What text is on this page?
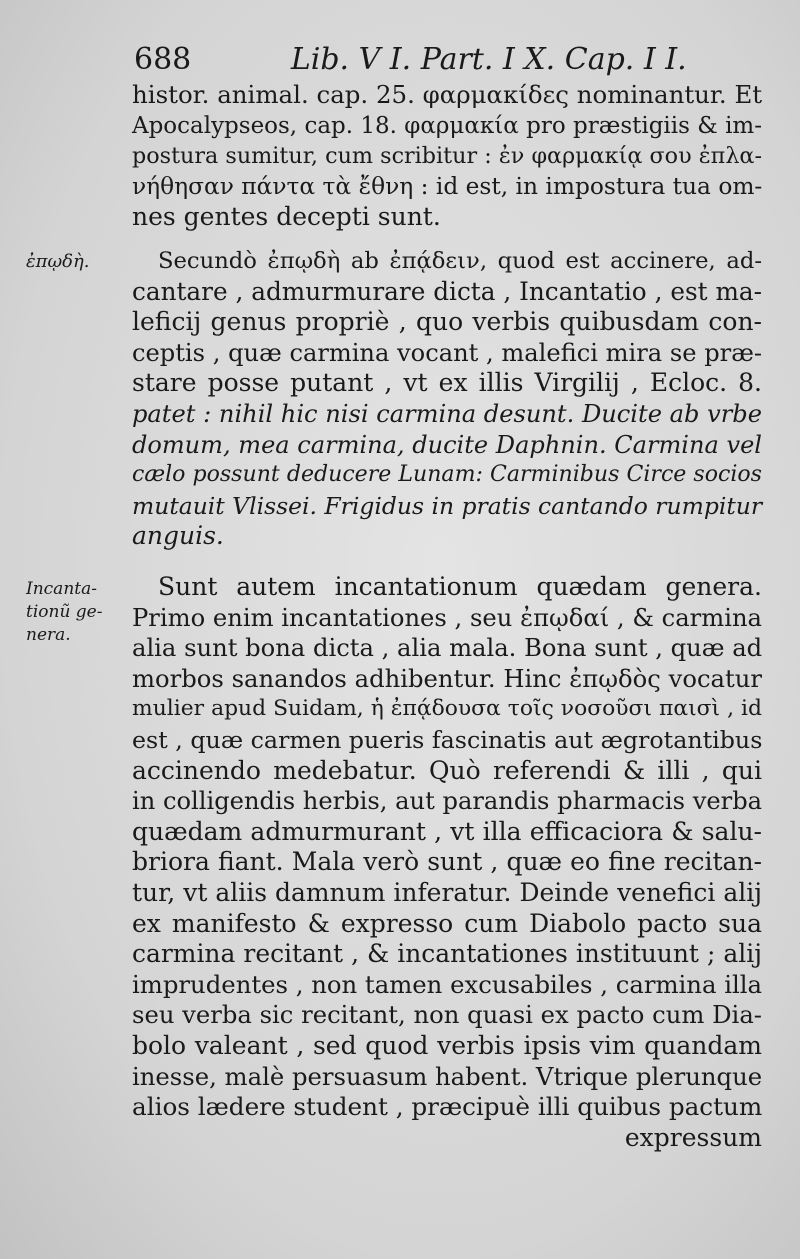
688	Lib. V I. Part. I X. Cap. I I.
ἐπῳδὴ.
Incanta-
tionũ ge-
nera.
histor. animal. cap. 25. φαρμακίδες nominantur. Et
Apocalypseos, cap. 18. φαρμακία pro præstigiis & im-
postura sumitur, cum scribitur : ἐν φαρμακίᾳ σου ἐπλα-
νήθησαν πάντα τὰ ἔθνη : id est, in impostura tua om-
nes gentes decepti sunt.
Secundò ἐπῳδὴ ab ἐπᾴδειν, quod est accinere, ad-
cantare , admurmurare dicta , Incantatio , est ma-
leficij genus propriè , quo verbis quibusdam con-
ceptis , quæ carmina vocant , malefici mira se præ-
stare posse putant , vt ex illis Virgilij , Ecloc. 8.
patet : nihil hic nisi carmina desunt. Ducite ab vrbe
domum, mea carmina, ducite Daphnin. Carmina vel
cælo possunt deducere Lunam: Carminibus Circe socios
mutauit Vlissei. Frigidus in pratis cantando rumpitur
anguis.
Sunt autem incantationum quædam genera.
Primo enim incantationes , seu ἐπῳδαί , & carmina
alia sunt bona dicta , alia mala. Bona sunt , quæ ad
morbos sanandos adhibentur. Hinc ἐπῳδὸς vocatur
mulier apud Suidam, ἡ ἐπᾴδουσα τοῖς νοσοῦσι παισὶ , id
est , quæ carmen pueris fascinatis aut ægrotantibus
accinendo medebatur. Quò referendi & illi , qui
in colligendis herbis, aut parandis pharmacis verba
quædam admurmurant , vt illa efficaciora & salu-
briora fiant. Mala verò sunt , quæ eo fine recitan-
tur, vt aliis damnum inferatur. Deinde venefici alij
ex manifesto & expresso cum Diabolo pacto sua
carmina recitant , & incantationes instituunt ; alij
imprudentes , non tamen excusabiles , carmina illa
seu verba sic recitant, non quasi ex pacto cum Dia-
bolo valeant , sed quod verbis ipsis vim quandam
inesse, malè persuasum habent. Vtrique plerunque
alios lædere student , præcipuè illi quibus pactum
expressum
